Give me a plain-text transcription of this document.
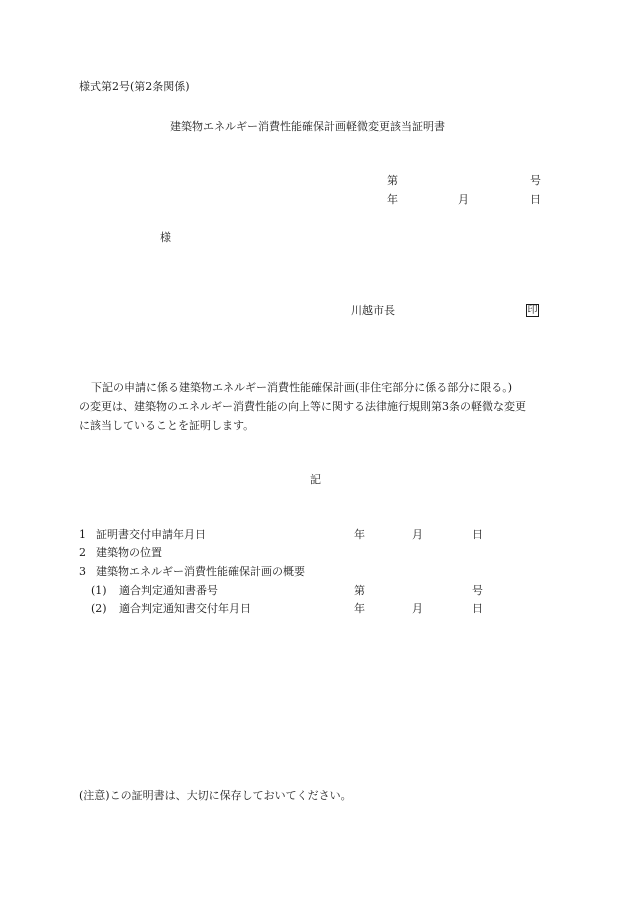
様式第2号(第2条関係)
建築物エネルギー消費性能確保計画軽微変更該当証明書
第	号
年	月	日
様
川越市長	印
下記の申請に係る建築物エネルギー消費性能確保計画(非住宅部分に係る部分に限る。)
の変更は、建築物のエネルギー消費性能の向上等に関する法律施行規則第3条の軽微な変更
に該当していることを証明します。
記
1 証明書交付申請年月日	年	月	日
2 建築物の位置
3 建築物エネルギー消費性能確保計画の概要
(1) 適合判定通知書番号	第	号
(2) 適合判定通知書交付年月日	年	月	日
(注意)この証明書は、大切に保存しておいてください。
